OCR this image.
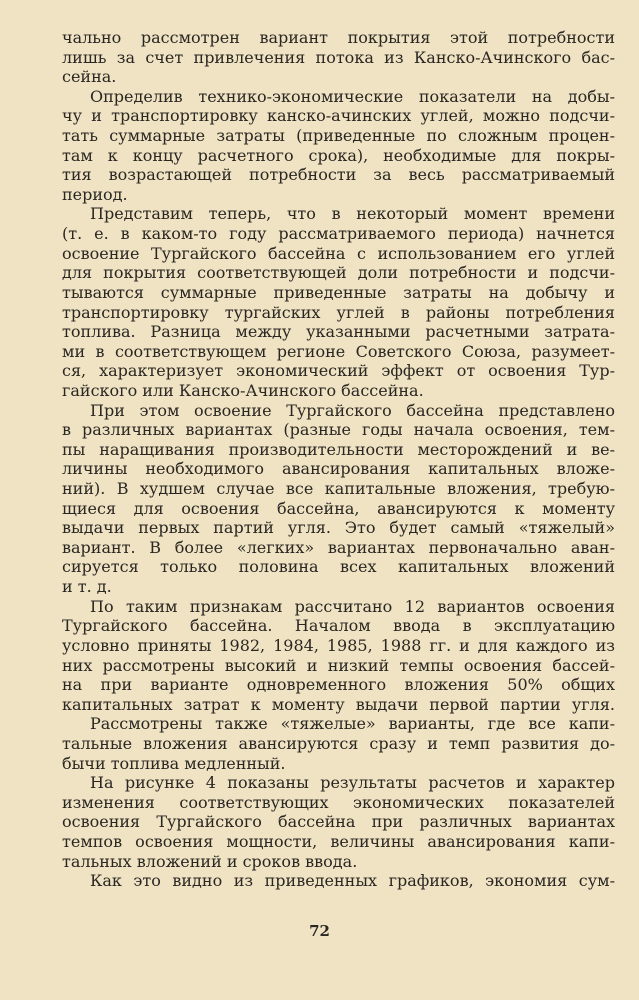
чально рассмотрен вариант покрытия этой потребности
лишь за счет привлечения потока из Канско-Ачинского бас-
сейна.
Определив технико-экономические показатели на добы-
чу и транспортировку канско-ачинских углей, можно подсчи-
тать суммарные затраты (приведенные по сложным процен-
там к концу расчетного срока), необходимые для покры-
тия возрастающей потребности за весь рассматриваемый
период.
Представим теперь, что в некоторый момент времени
(т. е. в каком-то году рассматриваемого периода) начнется
освоение Тургайского бассейна с использованием его углей
для покрытия соответствующей доли потребности и подсчи-
тываются суммарные приведенные затраты на добычу и
транспортировку тургайских углей в районы потребления
топлива. Разница между указанными расчетными затрата-
ми в соответствующем регионе Советского Союза, разумеет-
ся, характеризует экономический эффект от освоения Тур-
гайского или Канско-Ачинского бассейна.
При этом освоение Тургайского бассейна представлено
в различных вариантах (разные годы начала освоения, тем-
пы наращивания производительности месторождений и ве-
личины необходимого авансирования капитальных вложе-
ний). В худшем случае все капитальные вложения, требую-
щиеся для освоения бассейна, авансируются к моменту
выдачи первых партий угля. Это будет самый «тяжелый»
вариант. В более «легких» вариантах первоначально аван-
сируется только половина всех капитальных вложений
и т. д.
По таким признакам рассчитано 12 вариантов освоения
Тургайского бассейна. Началом ввода в эксплуатацию
условно приняты 1982, 1984, 1985, 1988 гг. и для каждого из
них рассмотрены высокий и низкий темпы освоения бассей-
на при варианте одновременного вложения 50% общих
капитальных затрат к моменту выдачи первой партии угля.
Рассмотрены также «тяжелые» варианты, где все капи-
тальные вложения авансируются сразу и темп развития до-
бычи топлива медленный.
На рисунке 4 показаны результаты расчетов и характер
изменения соответствующих экономических показателей
освоения Тургайского бассейна при различных вариантах
темпов освоения мощности, величины авансирования капи-
тальных вложений и сроков ввода.
Как это видно из приведенных графиков, экономия сум-
72
